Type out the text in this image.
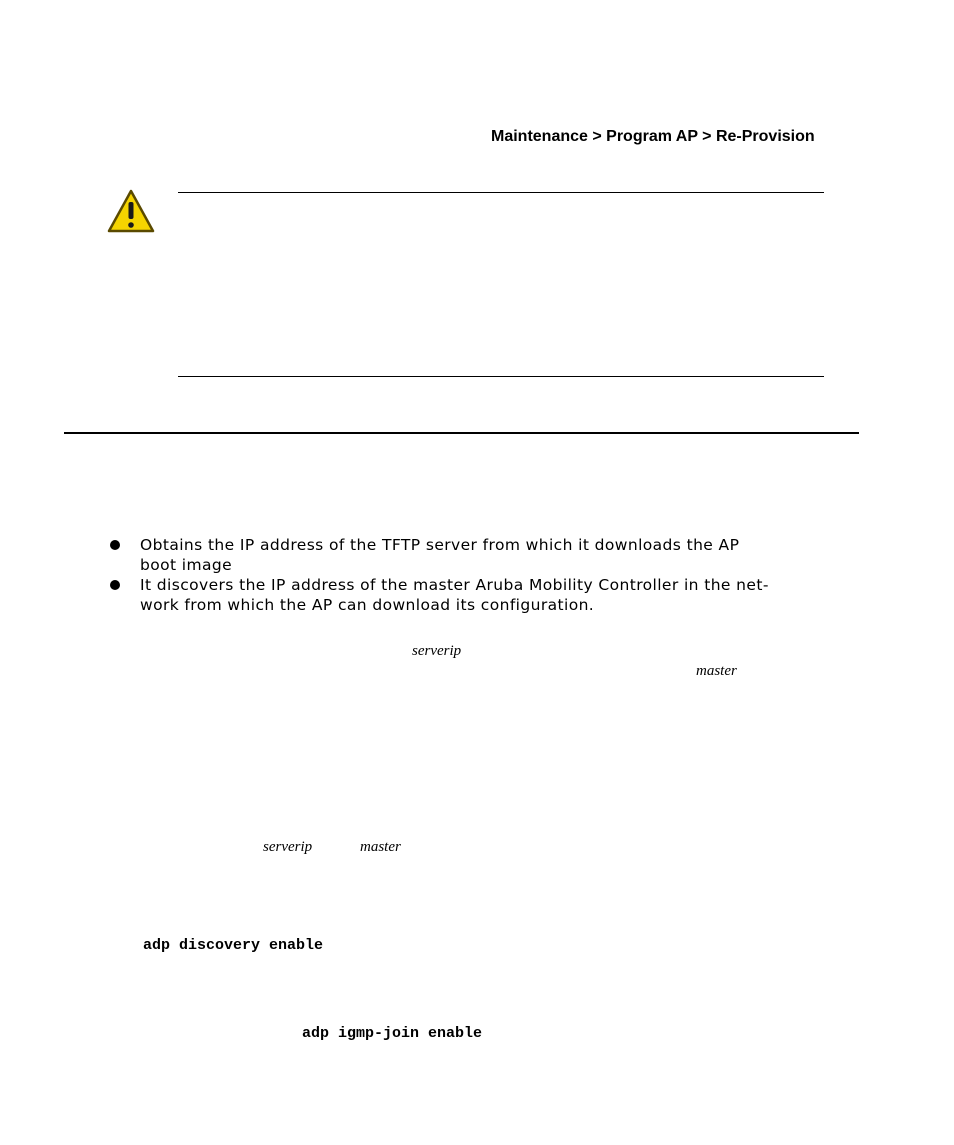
Maintenance > Program AP > Re-Provision
Obtains the IP address of the TFTP server from which it downloads the AP
boot image
It discovers the IP address of the master Aruba Mobility Controller in the net-
work from which the AP can download its configuration.
serverip
master
serverip	master
adp discovery enable
adp igmp-join enable
